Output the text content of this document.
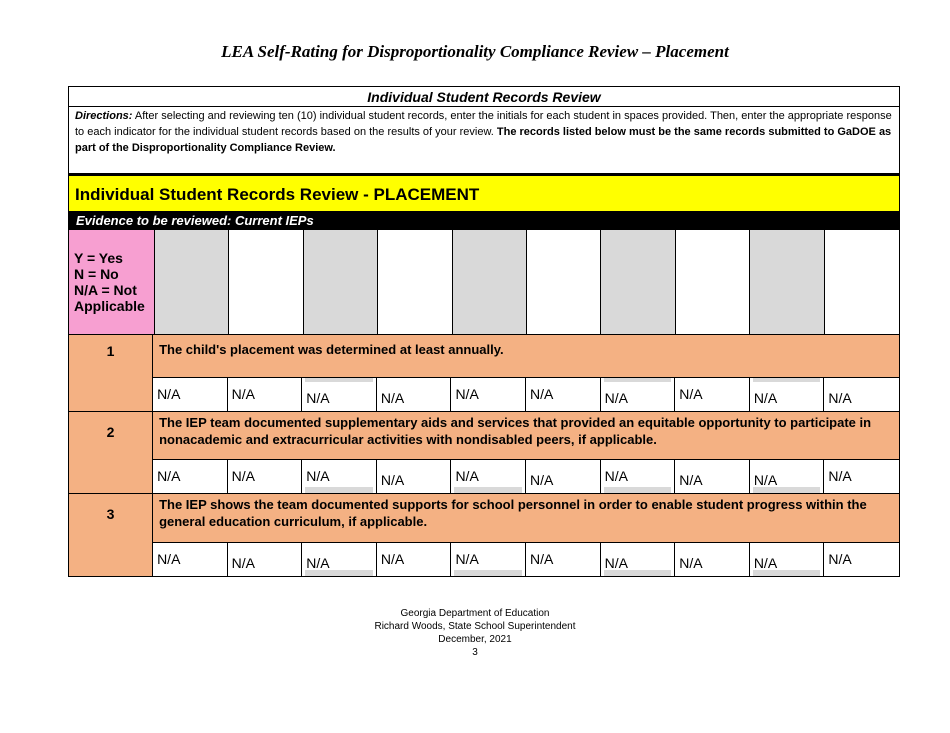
LEA Self-Rating for Disproportionality Compliance Review – Placement
Individual Student Records Review
Directions: After selecting and reviewing ten (10) individual student records, enter the initials for each student in spaces provided. Then, enter the appropriate response to each indicator for the individual student records based on the results of your review. The records listed below must be the same records submitted to GaDOE as part of the Disproportionality Compliance Review.
Individual Student Records Review - PLACEMENT
Evidence to be reviewed: Current IEPs
Y = Yes
N = No
N/A = Not Applicable
1	The child's placement was determined at least annually.
N/A	N/A	N/A	N/A	N/A	N/A	N/A	N/A	N/A	N/A
2
The IEP team documented supplementary aids and services that provided an equitable opportunity to participate in nonacademic and extracurricular activities with nondisabled peers, if applicable.
N/A	N/A	N/A	N/A	N/A	N/A	N/A	N/A	N/A	N/A
3
The IEP shows the team documented supports for school personnel in order to enable student progress within the general education curriculum, if applicable.
N/A	N/A	N/A	N/A	N/A	N/A	N/A	N/A	N/A	N/A
Georgia Department of Education
Richard Woods, State School Superintendent
December, 2021
3
